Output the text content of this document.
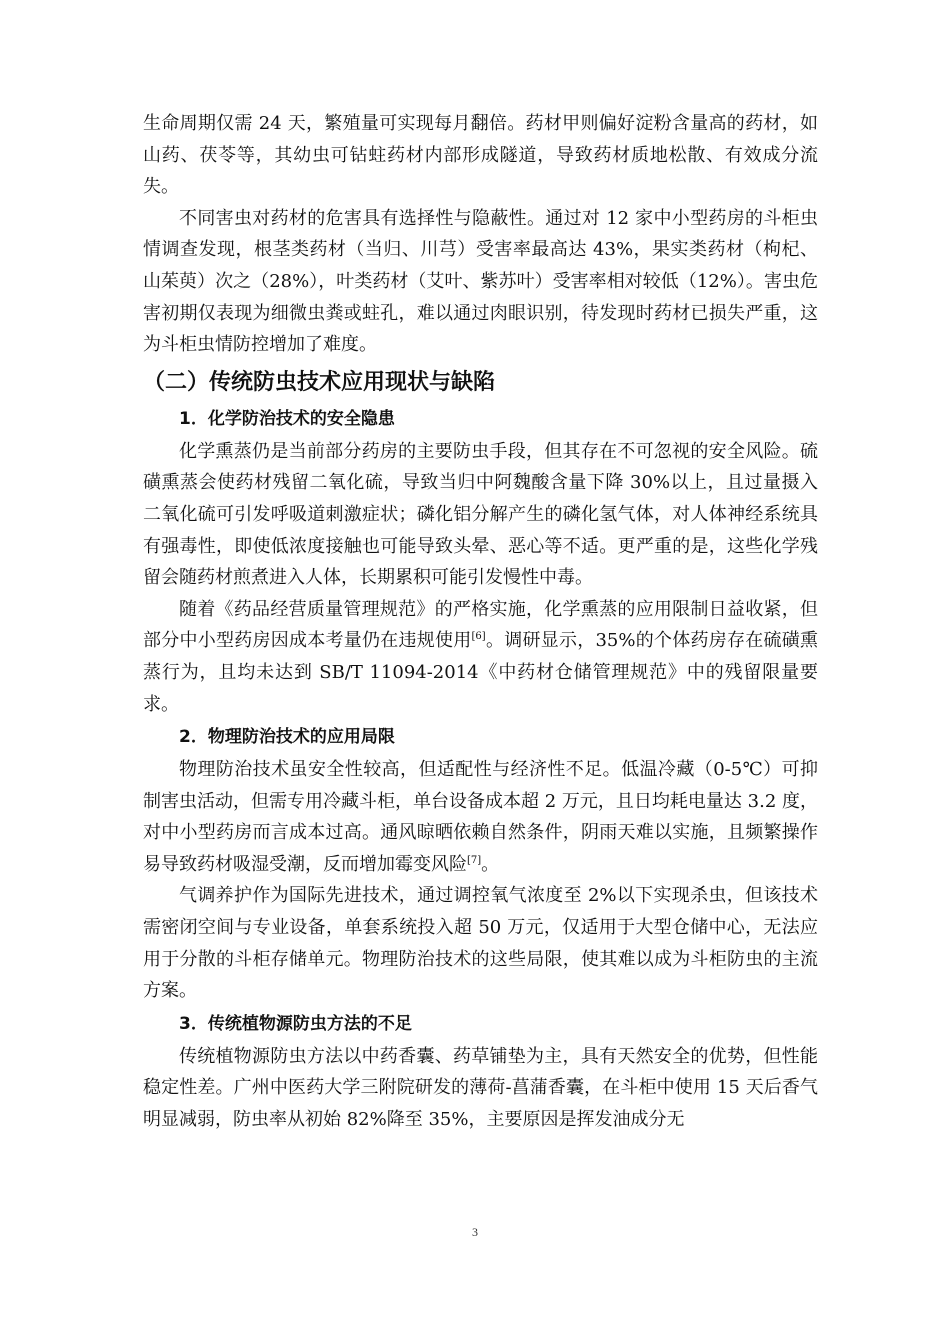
生命周期仅需 24 天，繁殖量可实现每月翻倍。药材甲则偏好淀粉含量高的药材，如山药、茯苓等，其幼虫可钻蛀药材内部形成隧道，导致药材质地松散、有效成分流失。

不同害虫对药材的危害具有选择性与隐蔽性。通过对 12 家中小型药房的斗柜虫情调查发现，根茎类药材（当归、川芎）受害率最高达 43%，果实类药材（枸杞、山茱萸）次之（28%），叶类药材（艾叶、紫苏叶）受害率相对较低（12%）。害虫危害初期仅表现为细微虫粪或蛀孔，难以通过肉眼识别，待发现时药材已损失严重，这为斗柜虫情防控增加了难度。

（二）传统防虫技术应用现状与缺陷
1．化学防治技术的安全隐患

化学熏蒸仍是当前部分药房的主要防虫手段，但其存在不可忽视的安全风险。硫磺熏蒸会使药材残留二氧化硫，导致当归中阿魏酸含量下降 30%以上，且过量摄入二氧化硫可引发呼吸道刺激症状；磷化铝分解产生的磷化氢气体，对人体神经系统具有强毒性，即使低浓度接触也可能导致头晕、恶心等不适。更严重的是，这些化学残留会随药材煎煮进入人体，长期累积可能引发慢性中毒。

随着《药品经营质量管理规范》的严格实施，化学熏蒸的应用限制日益收紧，但部分中小型药房因成本考量仍在违规使用[6]。调研显示，35%的个体药房存在硫磺熏蒸行为，且均未达到 SB/T 11094-2014《中药材仓储管理规范》中的残留限量要求。

2．物理防治技术的应用局限

物理防治技术虽安全性较高，但适配性与经济性不足。低温冷藏（0-5℃）可抑制害虫活动，但需专用冷藏斗柜，单台设备成本超 2 万元，且日均耗电量达 3.2 度，对中小型药房而言成本过高。通风晾晒依赖自然条件，阴雨天难以实施，且频繁操作易导致药材吸湿受潮，反而增加霉变风险[7]。

气调养护作为国际先进技术，通过调控氧气浓度至 2%以下实现杀虫，但该技术需密闭空间与专业设备，单套系统投入超 50 万元，仅适用于大型仓储中心，无法应用于分散的斗柜存储单元。物理防治技术的这些局限，使其难以成为斗柜防虫的主流方案。

3．传统植物源防虫方法的不足

传统植物源防虫方法以中药香囊、药草铺垫为主，具有天然安全的优势，但性能稳定性差。广州中医药大学三附院研发的薄荷-菖蒲香囊，在斗柜中使用 15 天后香气明显减弱，防虫率从初始 82%降至 35%，主要原因是挥发油成分无

3
